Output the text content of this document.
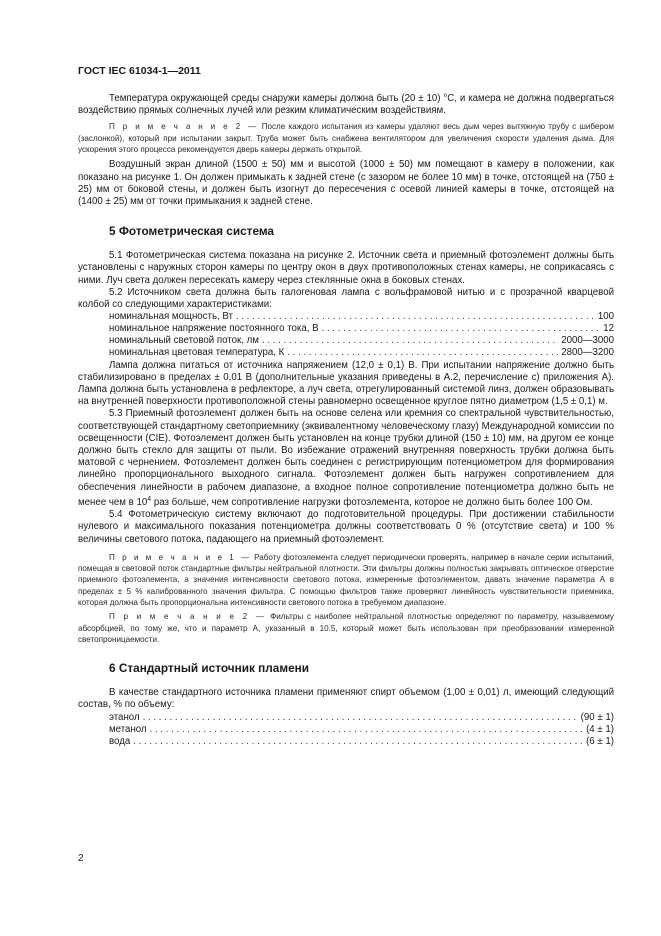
ГОСТ IEC 61034-1—2011

Температура окружающей среды снаружи камеры должна быть (20 ± 10) °С, и камера не должна подвергаться воздействию прямых солнечных лучей или резким климатическим воздействиям.

П р и м е ч а н и е 2 — После каждого испытания из камеры удаляют весь дым через вытяжную трубу с шибером (заслонкой), который при испытании закрыт. Труба может быть снабжена вентилятором для увеличения скорости удаления дыма. Для ускорения этого процесса рекомендуется дверь камеры держать открытой.

Воздушный экран длиной (1500 ± 50) мм и высотой (1000 ± 50) мм помещают в камеру в положении, как показано на рисунке 1. Он должен примыкать к задней стене (с зазором не более 10 мм) в точке, отстоящей на (750 ± 25) мм от боковой стены, и должен быть изогнут до пересечения с осевой линией камеры в точке, отстоящей на (1400 ± 25) мм от точки примыкания к задней стене.

5 Фотометрическая система

5.1 Фотометрическая система показана на рисунке 2. Источник света и приемный фотоэлемент должны быть установлены с наружных сторон камеры по центру окон в двух противоположных стенах камеры, не соприкасаясь с ними. Луч света должен пересекать камеру через стеклянные окна в боковых стенах.

5.2 Источником света должна быть галогеновая лампа с вольфрамовой нитью и с прозрачной кварцевой колбой со следующими характеристиками:

номинальная мощность, Вт . . .	100
номинальное напряжение постоянного тока, В . . .	12
номинальный световой поток, лм . . .	2000—3000
номинальная цветовая температура, К . . .	2800—3200

Лампа должна питаться от источника напряжением (12,0 ± 0,1) В. При испытании напряжение должно быть стабилизировано в пределах ± 0,01 В (дополнительные указания приведены в А.2, перечисление с) приложения А). Лампа должна быть установлена в рефлекторе, а луч света, отрегулированный системой линз, должен образовывать на внутренней поверхности противоположной стены равномерно освещенное круглое пятно диаметром (1,5 ± 0,1) м.

5.3 Приемный фотоэлемент должен быть на основе селена или кремния со спектральной чувствительностью, соответствующей стандартному светоприемнику (эквивалентному человеческому глазу) Международной комиссии по освещенности (CIE). Фотоэлемент должен быть установлен на конце трубки длиной (150 ± 10) мм, на другом ее конце должно быть стекло для защиты от пыли. Во избежание отражений внутренняя поверхность трубки должна быть матовой с чернением. Фотоэлемент должен быть соединен с регистрирующим потенциометром для формирования линейно пропорционального выходного сигнала. Фотоэлемент должен быть нагружен сопротивлением для обеспечения линейности в рабочем диапазоне, а входное полное сопротивление потенциометра должно быть не менее чем в $10^4$ раз больше, чем сопротивление нагрузки фотоэлемента, которое не должно быть более 100 Ом.

5.4 Фотометрическую систему включают до подготовительной процедуры. При достижении стабильности нулевого и максимального показания потенциометра должны соответствовать 0 % (отсутствие света) и 100 % величины светового потока, падающего на приемный фотоэлемент.

П р и м е ч а н и е 1 — Работу фотоэлемента следует периодически проверять, например в начале серии испытаний, помещая в световой поток стандартные фильтры нейтральной плотности. Эти фильтры должны полностью закрывать оптическое отверстие приемного фотоэлемента, а значения интенсивности светового потока, измеренные фотоэлементом, давать значение параметра А в пределах ± 5 % калиброванного значения фильтра. С помощью фильтров также проверяют линейность чувствительности приемника, которая должна быть пропорциональна интенсивности светового потока в требуемом диапазоне.

П р и м е ч а н и е 2 — Фильтры с наиболее нейтральной плотностью определяют по параметру, называемому абсорбцией, по тому же, что и параметр А, указанный в 10.5, который может быть использован при преобразовании измеренной светопроницаемости.

6 Стандартный источник пламени

В качестве стандартного источника пламени применяют спирт объемом (1,00 ± 0,01) л, имеющий следующий состав, % по объему:

этанол . . .	(90 ± 1)
метанол . . .	(4 ± 1)
вода . . .	(6 ± 1)
2
